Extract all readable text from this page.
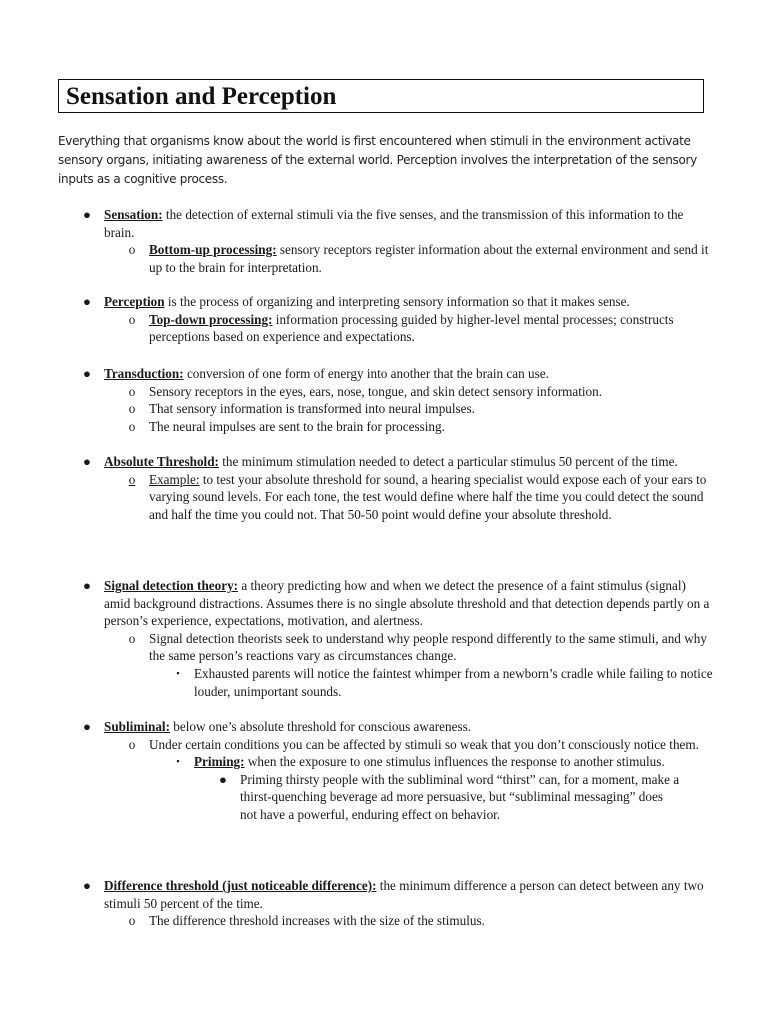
Sensation and Perception

Everything that organisms know about the world is first encountered when stimuli in the environment activate sensory organs, initiating awareness of the external world. Perception involves the interpretation of the sensory inputs as a cognitive process.

● Sensation: the detection of external stimuli via the five senses, and the transmission of this information to the brain.
o	Bottom-up processing: sensory receptors register information about the external environment and send it up to the brain for interpretation.
● Perception is the process of organizing and interpreting sensory information so that it makes sense.
o	Top-down processing: information processing guided by higher-level mental processes; constructs perceptions based on experience and expectations.
● Transduction: conversion of one form of energy into another that the brain can use.
o	Sensory receptors in the eyes, ears, nose, tongue, and skin detect sensory information.
o	That sensory information is transformed into neural impulses.
o	The neural impulses are sent to the brain for processing.
● Absolute Threshold: the minimum stimulation needed to detect a particular stimulus 50 percent of the time.
o	Example: to test your absolute threshold for sound, a hearing specialist would expose each of your ears to varying sound levels. For each tone, the test would define where half the time you could detect the sound and half the time you could not. That 50-50 point would define your absolute threshold.
● Signal detection theory: a theory predicting how and when we detect the presence of a faint stimulus (signal) amid background distractions. Assumes there is no single absolute threshold and that detection depends partly on a person’s experience, expectations, motivation, and alertness.
o	Signal detection theorists seek to understand why people respond differently to the same stimuli, and why the same person’s reactions vary as circumstances change.
▪	Exhausted parents will notice the faintest whimper from a newborn’s cradle while failing to notice louder, unimportant sounds.
● Subliminal: below one’s absolute threshold for conscious awareness.
o	Under certain conditions you can be affected by stimuli so weak that you don’t consciously notice them.
▪	Priming: when the exposure to one stimulus influences the response to another stimulus.
● Priming thirsty people with the subliminal word “thirst” can, for a moment, make a thirst-quenching beverage ad more persuasive, but “subliminal messaging” does not have a powerful, enduring effect on behavior.
● Difference threshold (just noticeable difference): the minimum difference a person can detect between any two stimuli 50 percent of the time.
o	The difference threshold increases with the size of the stimulus.
